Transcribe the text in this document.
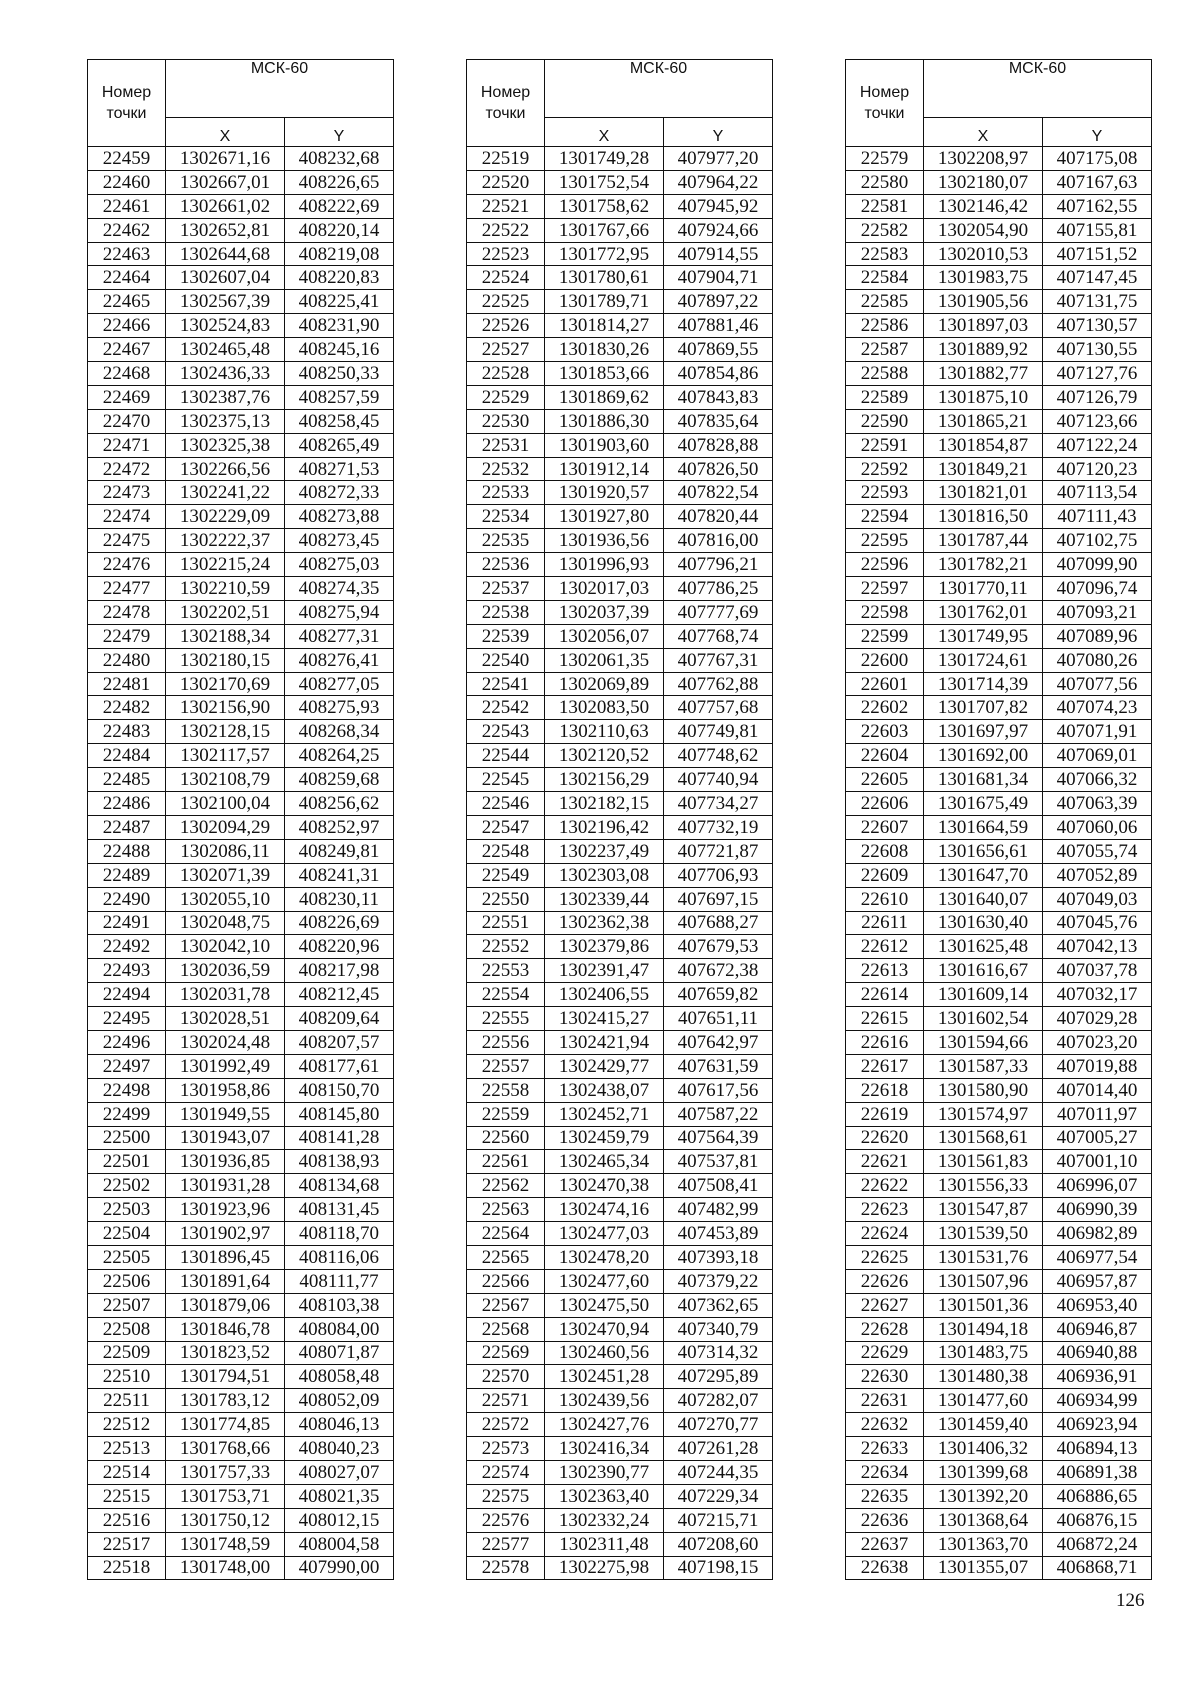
Номер точки	МСК-60	
	X	Y
22459	1302671,16	408232,68
22460	1302667,01	408226,65
22461	1302661,02	408222,69
22462	1302652,81	408220,14
22463	1302644,68	408219,08
22464	1302607,04	408220,83
22465	1302567,39	408225,41
22466	1302524,83	408231,90
22467	1302465,48	408245,16
22468	1302436,33	408250,33
22469	1302387,76	408257,59
22470	1302375,13	408258,45
22471	1302325,38	408265,49
22472	1302266,56	408271,53
22473	1302241,22	408272,33
22474	1302229,09	408273,88
22475	1302222,37	408273,45
22476	1302215,24	408275,03
22477	1302210,59	408274,35
22478	1302202,51	408275,94
22479	1302188,34	408277,31
22480	1302180,15	408276,41
22481	1302170,69	408277,05
22482	1302156,90	408275,93
22483	1302128,15	408268,34
22484	1302117,57	408264,25
22485	1302108,79	408259,68
22486	1302100,04	408256,62
22487	1302094,29	408252,97
22488	1302086,11	408249,81
22489	1302071,39	408241,31
22490	1302055,10	408230,11
22491	1302048,75	408226,69
22492	1302042,10	408220,96
22493	1302036,59	408217,98
22494	1302031,78	408212,45
22495	1302028,51	408209,64
22496	1302024,48	408207,57
22497	1301992,49	408177,61
22498	1301958,86	408150,70
22499	1301949,55	408145,80
22500	1301943,07	408141,28
22501	1301936,85	408138,93
22502	1301931,28	408134,68
22503	1301923,96	408131,45
22504	1301902,97	408118,70
22505	1301896,45	408116,06
22506	1301891,64	408111,77
22507	1301879,06	408103,38
22508	1301846,78	408084,00
22509	1301823,52	408071,87
22510	1301794,51	408058,48
22511	1301783,12	408052,09
22512	1301774,85	408046,13
22513	1301768,66	408040,23
22514	1301757,33	408027,07
22515	1301753,71	408021,35
22516	1301750,12	408012,15
22517	1301748,59	408004,58
22518	1301748,00	407990,00
Номер точки	МСК-60	
	X	Y
22519	1301749,28	407977,20
22520	1301752,54	407964,22
22521	1301758,62	407945,92
22522	1301767,66	407924,66
22523	1301772,95	407914,55
22524	1301780,61	407904,71
22525	1301789,71	407897,22
22526	1301814,27	407881,46
22527	1301830,26	407869,55
22528	1301853,66	407854,86
22529	1301869,62	407843,83
22530	1301886,30	407835,64
22531	1301903,60	407828,88
22532	1301912,14	407826,50
22533	1301920,57	407822,54
22534	1301927,80	407820,44
22535	1301936,56	407816,00
22536	1301996,93	407796,21
22537	1302017,03	407786,25
22538	1302037,39	407777,69
22539	1302056,07	407768,74
22540	1302061,35	407767,31
22541	1302069,89	407762,88
22542	1302083,50	407757,68
22543	1302110,63	407749,81
22544	1302120,52	407748,62
22545	1302156,29	407740,94
22546	1302182,15	407734,27
22547	1302196,42	407732,19
22548	1302237,49	407721,87
22549	1302303,08	407706,93
22550	1302339,44	407697,15
22551	1302362,38	407688,27
22552	1302379,86	407679,53
22553	1302391,47	407672,38
22554	1302406,55	407659,82
22555	1302415,27	407651,11
22556	1302421,94	407642,97
22557	1302429,77	407631,59
22558	1302438,07	407617,56
22559	1302452,71	407587,22
22560	1302459,79	407564,39
22561	1302465,34	407537,81
22562	1302470,38	407508,41
22563	1302474,16	407482,99
22564	1302477,03	407453,89
22565	1302478,20	407393,18
22566	1302477,60	407379,22
22567	1302475,50	407362,65
22568	1302470,94	407340,79
22569	1302460,56	407314,32
22570	1302451,28	407295,89
22571	1302439,56	407282,07
22572	1302427,76	407270,77
22573	1302416,34	407261,28
22574	1302390,77	407244,35
22575	1302363,40	407229,34
22576	1302332,24	407215,71
22577	1302311,48	407208,60
22578	1302275,98	407198,15
Номер точки	МСК-60	
	X	Y
22579	1302208,97	407175,08
22580	1302180,07	407167,63
22581	1302146,42	407162,55
22582	1302054,90	407155,81
22583	1302010,53	407151,52
22584	1301983,75	407147,45
22585	1301905,56	407131,75
22586	1301897,03	407130,57
22587	1301889,92	407130,55
22588	1301882,77	407127,76
22589	1301875,10	407126,79
22590	1301865,21	407123,66
22591	1301854,87	407122,24
22592	1301849,21	407120,23
22593	1301821,01	407113,54
22594	1301816,50	407111,43
22595	1301787,44	407102,75
22596	1301782,21	407099,90
22597	1301770,11	407096,74
22598	1301762,01	407093,21
22599	1301749,95	407089,96
22600	1301724,61	407080,26
22601	1301714,39	407077,56
22602	1301707,82	407074,23
22603	1301697,97	407071,91
22604	1301692,00	407069,01
22605	1301681,34	407066,32
22606	1301675,49	407063,39
22607	1301664,59	407060,06
22608	1301656,61	407055,74
22609	1301647,70	407052,89
22610	1301640,07	407049,03
22611	1301630,40	407045,76
22612	1301625,48	407042,13
22613	1301616,67	407037,78
22614	1301609,14	407032,17
22615	1301602,54	407029,28
22616	1301594,66	407023,20
22617	1301587,33	407019,88
22618	1301580,90	407014,40
22619	1301574,97	407011,97
22620	1301568,61	407005,27
22621	1301561,83	407001,10
22622	1301556,33	406996,07
22623	1301547,87	406990,39
22624	1301539,50	406982,89
22625	1301531,76	406977,54
22626	1301507,96	406957,87
22627	1301501,36	406953,40
22628	1301494,18	406946,87
22629	1301483,75	406940,88
22630	1301480,38	406936,91
22631	1301477,60	406934,99
22632	1301459,40	406923,94
22633	1301406,32	406894,13
22634	1301399,68	406891,38
22635	1301392,20	406886,65
22636	1301368,64	406876,15
22637	1301363,70	406872,24
22638	1301355,07	406868,71
126
